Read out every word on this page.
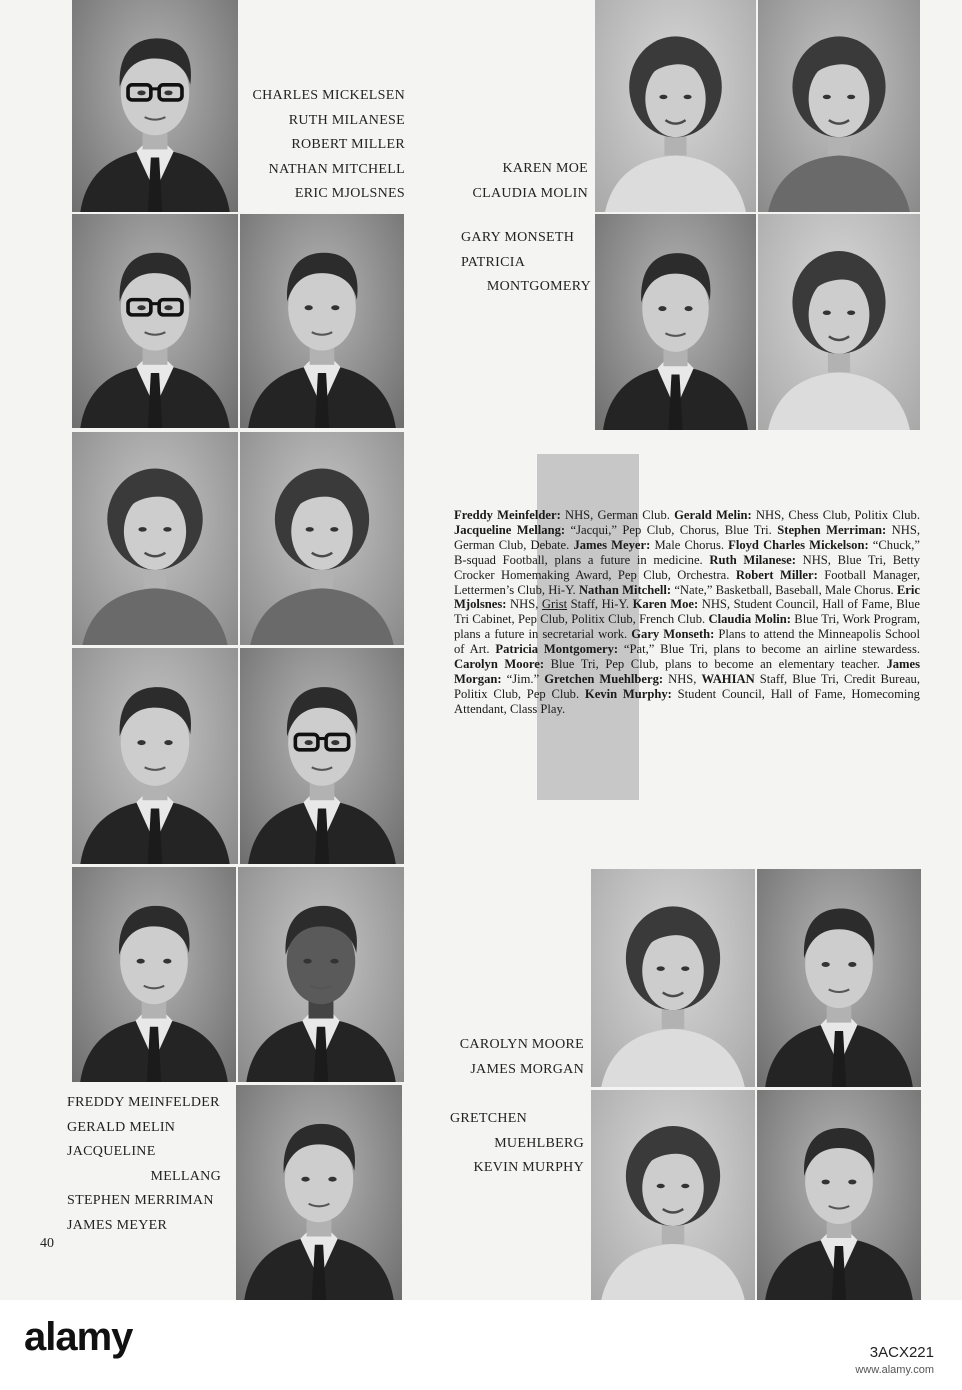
CHARLES MICKELSEN
RUTH MILANESE
ROBERT MILLER
NATHAN MITCHELL
ERIC MJOLSNES
KAREN MOE
CLAUDIA MOLIN
GARY MONSETH
PATRICIA
MONTGOMERY
CAROLYN MOORE
JAMES MORGAN
GRETCHEN
MUEHLBERG
KEVIN MURPHY
FREDDY MEINFELDER
GERALD MELIN
JACQUELINE
MELLANG
STEPHEN MERRIMAN
JAMES MEYER
Freddy Meinfelder: NHS, German Club. Gerald Melin: NHS, Chess Club, Politix Club. Jacqueline Mellang: “Jacqui,” Pep Club, Chorus, Blue Tri. Stephen Merriman: NHS, German Club, Debate. James Meyer: Male Chorus. Floyd Charles Mickelson: “Chuck,” B-squad Football, plans a future in medicine. Ruth Milanese: NHS, Blue Tri, Betty Crocker Homemaking Award, Pep Club, Orchestra. Robert Miller: Football Manager, Lettermen’s Club, Hi-Y. Nathan Mitchell: “Nate,” Basketball, Baseball, Male Chorus. Eric Mjolsnes: NHS, Grist Staff, Hi-Y. Karen Moe: NHS, Student Council, Hall of Fame, Blue Tri Cabinet, Pep Club, Politix Club, French Club. Claudia Molin: Blue Tri, Work Program, plans a future in secretarial work. Gary Monseth: Plans to attend the Minneapolis School of Art. Patricia Montgomery: “Pat,” Blue Tri, plans to become an airline stewardess. Carolyn Moore: Blue Tri, Pep Club, plans to become an elementary teacher. James Morgan: “Jim.” Gretchen Muehlberg: NHS, WAHIAN Staff, Blue Tri, Credit Bureau, Politix Club, Pep Club. Kevin Murphy: Student Council, Hall of Fame, Homecoming Attendant, Class Play.
40
alamy	3ACX221
www.alamy.com
